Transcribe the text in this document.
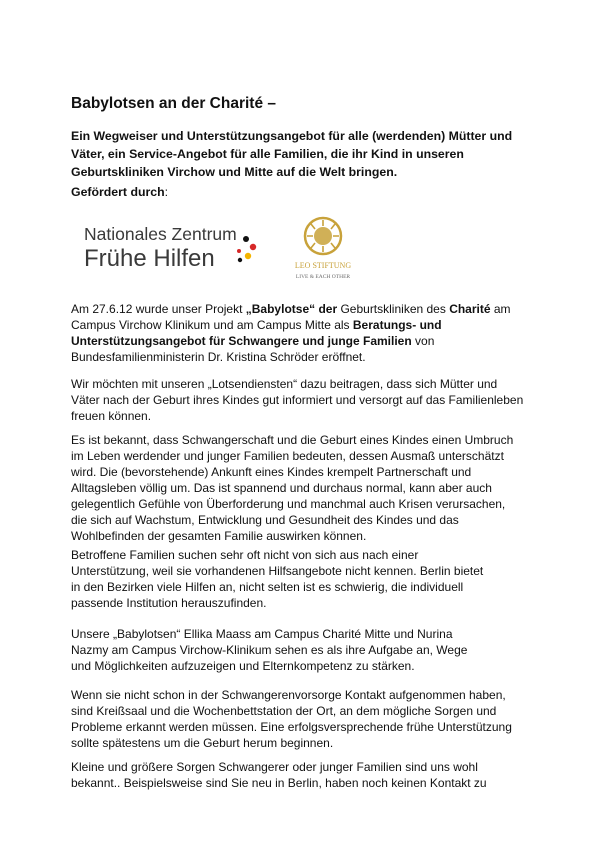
Babylotsen an der Charité –
Ein Wegweiser und Unterstützungsangebot für alle (werdenden) Mütter und
Väter, ein Service-Angebot für alle Familien, die ihr Kind in unseren
Geburtskliniken Virchow und Mitte auf die Welt bringen.

Gefördert durch:

Nationales Zentrum
Frühe Hilfen	LEO STIFTUNG
LIVE & EACH OTHER
Am 27.6.12 wurde unser Projekt „Babylotse“ der Geburtskliniken des Charité am
Campus Virchow Klinikum und am Campus Mitte als Beratungs- und
Unterstützungsangebot für Schwangere und junge Familien von
Bundesfamilienministerin Dr. Kristina Schröder eröffnet.
Wir möchten mit unseren „Lotsendiensten“ dazu beitragen, dass sich Mütter und
Väter nach der Geburt ihres Kindes gut informiert und versorgt auf das Familienleben
freuen können.
Es ist bekannt, dass Schwangerschaft und die Geburt eines Kindes einen Umbruch
im Leben werdender und junger Familien bedeuten, dessen Ausmaß unterschätzt
wird. Die (bevorstehende) Ankunft eines Kindes krempelt Partnerschaft und
Alltagsleben völlig um. Das ist spannend und durchaus normal, kann aber auch
gelegentlich Gefühle von Überforderung und manchmal auch Krisen verursachen,
die sich auf Wachstum, Entwicklung und Gesundheit des Kindes und das
Wohlbefinden der gesamten Familie auswirken können.
Betroffene Familien suchen sehr oft nicht von sich aus nach einer
Unterstützung, weil sie vorhandenen Hilfsangebote nicht kennen. Berlin bietet
in den Bezirken viele Hilfen an, nicht selten ist es schwierig, die individuell
passende Institution herauszufinden.
Unsere „Babylotsen“ Ellika Maass am Campus Charité Mitte und Nurina
Nazmy am Campus Virchow-Klinikum sehen es als ihre Aufgabe an, Wege
und Möglichkeiten aufzuzeigen und Elternkompetenz zu stärken.
Wenn sie nicht schon in der Schwangerenvorsorge Kontakt aufgenommen haben,
sind Kreißsaal und die Wochenbettstation der Ort, an dem mögliche Sorgen und
Probleme erkannt werden müssen. Eine erfolgsversprechende frühe Unterstützung
sollte spätestens um die Geburt herum beginnen.
Kleine und größere Sorgen Schwangerer oder junger Familien sind uns wohl
bekannt.. Beispielsweise sind Sie neu in Berlin, haben noch keinen Kontakt zu
